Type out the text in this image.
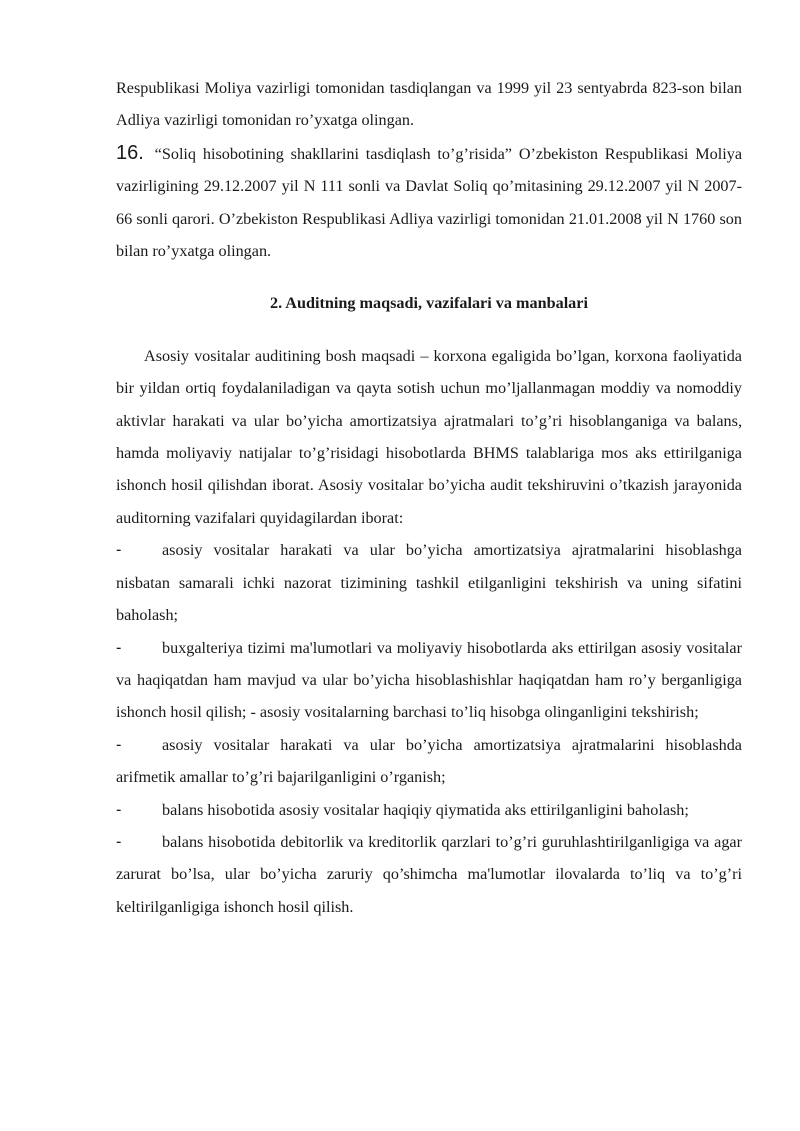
Respublikasi Moliya vazirligi tomonidan tasdiqlangan va 1999 yil 23 sentyabrda 823-son bilan Adliya vazirligi tomonidan ro’yxatga olingan.

16. “Soliq hisobotining shakllarini tasdiqlash to’g’risida” O’zbekiston Respublikasi Moliya vazirligining 29.12.2007 yil N 111 sonli va Davlat Soliq qo’mitasining 29.12.2007 yil N 2007-66 sonli qarori. O’zbekiston Respublikasi Adliya vazirligi tomonidan 21.01.2008 yil N 1760 son bilan ro’yxatga olingan.

2. Auditning maqsadi, vazifalari va manbalari

Asosiy vositalar auditining bosh maqsadi – korxona egaligida bo’lgan, korxona faoliyatida bir yildan ortiq foydalaniladigan va qayta sotish uchun mo’ljallanmagan moddiy va nomoddiy aktivlar harakati va ular bo’yicha amortizatsiya ajratmalari to’g’ri hisoblanganiga va balans, hamda moliyaviy natijalar to’g’risidagi hisobotlarda BHMS talablariga mos aks ettirilganiga ishonch hosil qilishdan iborat. Asosiy vositalar bo’yicha audit tekshiruvini o’tkazish jarayonida auditorning vazifalari quyidagilardan iborat:

-	asosiy vositalar harakati va ular bo’yicha amortizatsiya ajratmalarini hisoblashga nisbatan samarali ichki nazorat tizimining tashkil etilganligini tekshirish va uning sifatini baholash;

-	buxgalteriya tizimi ma'lumotlari va moliyaviy hisobotlarda aks ettirilgan asosiy vositalar va haqiqatdan ham mavjud va ular bo’yicha hisoblashishlar haqiqatdan ham ro’y berganligiga ishonch hosil qilish; - asosiy vositalarning barchasi to’liq hisobga olinganligini tekshirish;

-	asosiy vositalar harakati va ular bo’yicha amortizatsiya ajratmalarini hisoblashda arifmetik amallar to’g’ri bajarilganligini o’rganish;

-	balans hisobotida asosiy vositalar haqiqiy qiymatida aks ettirilganligini baholash;

-	balans hisobotida debitorlik va kreditorlik qarzlari to’g’ri guruhlashtirilganligiga va agar zarurat bo’lsa, ular bo’yicha zaruriy qo’shimcha ma'lumotlar ilovalarda to’liq va to’g’ri keltirilganligiga ishonch hosil qilish.
